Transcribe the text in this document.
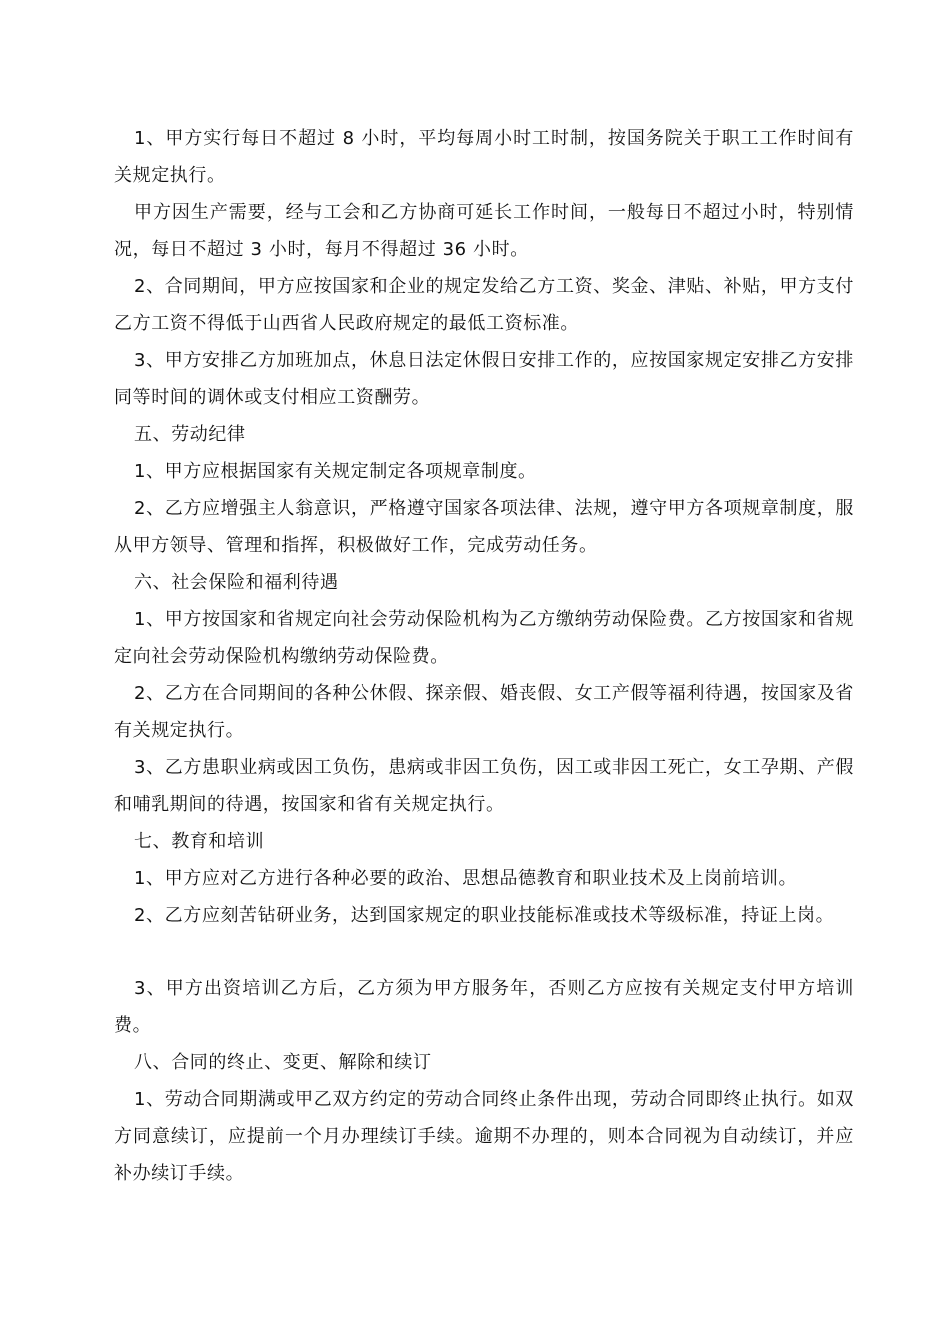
1、甲方实行每日不超过 8 小时，平均每周小时工时制，按国务院关于职工工作时间有关规定执行。

甲方因生产需要，经与工会和乙方协商可延长工作时间，一般每日不超过小时，特别情况，每日不超过 3 小时，每月不得超过 36 小时。

2、合同期间，甲方应按国家和企业的规定发给乙方工资、奖金、津贴、补贴，甲方支付乙方工资不得低于山西省人民政府规定的最低工资标准。

3、甲方安排乙方加班加点，休息日法定休假日安排工作的，应按国家规定安排乙方安排同等时间的调休或支付相应工资酬劳。

五、劳动纪律

1、甲方应根据国家有关规定制定各项规章制度。

2、乙方应增强主人翁意识，严格遵守国家各项法律、法规，遵守甲方各项规章制度，服从甲方领导、管理和指挥，积极做好工作，完成劳动任务。

六、社会保险和福利待遇

1、甲方按国家和省规定向社会劳动保险机构为乙方缴纳劳动保险费。乙方按国家和省规定向社会劳动保险机构缴纳劳动保险费。

2、乙方在合同期间的各种公休假、探亲假、婚丧假、女工产假等福利待遇，按国家及省有关规定执行。

3、乙方患职业病或因工负伤，患病或非因工负伤，因工或非因工死亡，女工孕期、产假和哺乳期间的待遇，按国家和省有关规定执行。

七、教育和培训

1、甲方应对乙方进行各种必要的政治、思想品德教育和职业技术及上岗前培训。

2、乙方应刻苦钻研业务，达到国家规定的职业技能标准或技术等级标准，持证上岗。

3、甲方出资培训乙方后，乙方须为甲方服务年，否则乙方应按有关规定支付甲方培训费。

八、合同的终止、变更、解除和续订

1、劳动合同期满或甲乙双方约定的劳动合同终止条件出现，劳动合同即终止执行。如双方同意续订，应提前一个月办理续订手续。逾期不办理的，则本合同视为自动续订，并应补办续订手续。
